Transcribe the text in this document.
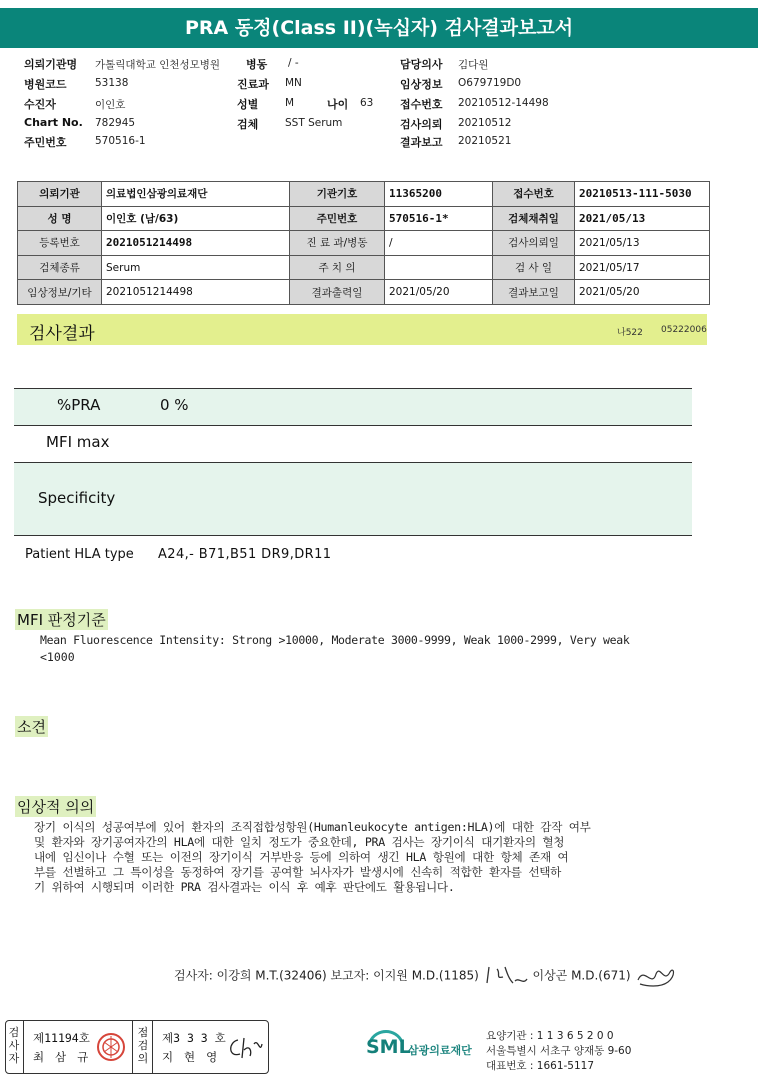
PRA 동정(Class II)(녹십자) 검사결과보고서
의뢰기관명 가톨릭대학교 인천성모병원
병원코드	53138
수진자	이인호
Chart No. 782945
주민번호	570516-1
병동 / -
진료과 MN
성별	M	나이 63
검체	SST Serum
담당의사 김다원
임상정보 O679719D0
접수번호 20210512-14498
검사의뢰 20210512
결과보고 20210521
의뢰기관	의료법인삼광의료재단	기관기호	11365200	접수번호	20210513-111-5030
성 명	이인호 (남/63)	주민번호	570516-1*	검체채취일	2021/05/13
등록번호	2021051214498	진 료 과/병동	/	검사의뢰일	2021/05/13
검체종류	Serum	주 치 의		검 사 일	2021/05/17
임상정보/기타	2021051214498	결과출력일	2021/05/20	결과보고일	2021/05/20
검사결과	나522 05222006
%PRA	0 %
MFI max
Specificity
Patient HLA type A24,- B71,B51 DR9,DR11
MFI 판정기준
Mean Fluorescence Intensity: Strong >10000, Moderate 3000-9999, Weak 1000-2999, Very weak
<1000
소견
임상적 의의
장기 이식의 성공여부에 있어 환자의 조직접합성항원(Humanleukocyte antigen:HLA)에 대한 감작 여부
및 환자와 장기공여자간의 HLA에 대한 일치 정도가 중요한데, PRA 검사는 장기이식 대기환자의 혈청
내에 임신이나 수혈 또는 이전의 장기이식 거부반응 등에 의하여 생긴 HLA 항원에 대한 항체 존재 여
부를 선별하고 그 특이성을 동정하여 장기를 공여할 뇌사자가 발생시에 신속히 적합한 환자를 선택하
기 위하여 시행되며 이러한 PRA 검사결과는 이식 후 예후 판단에도 활용됩니다.
검사자: 이강희 M.T.(32406) 보고자: 이지원 M.D.(1185)	이상곤 M.D.(671)
검
사
자
제11194호
최 삼 규
점
검
의
제3 3 3 호
지 현 영	SML
삼광의료재단
요양기관 : 1 1 3 6 5 2 0 0
서울특별시 서초구 양재동 9-60
대표번호 : 1661-5117
